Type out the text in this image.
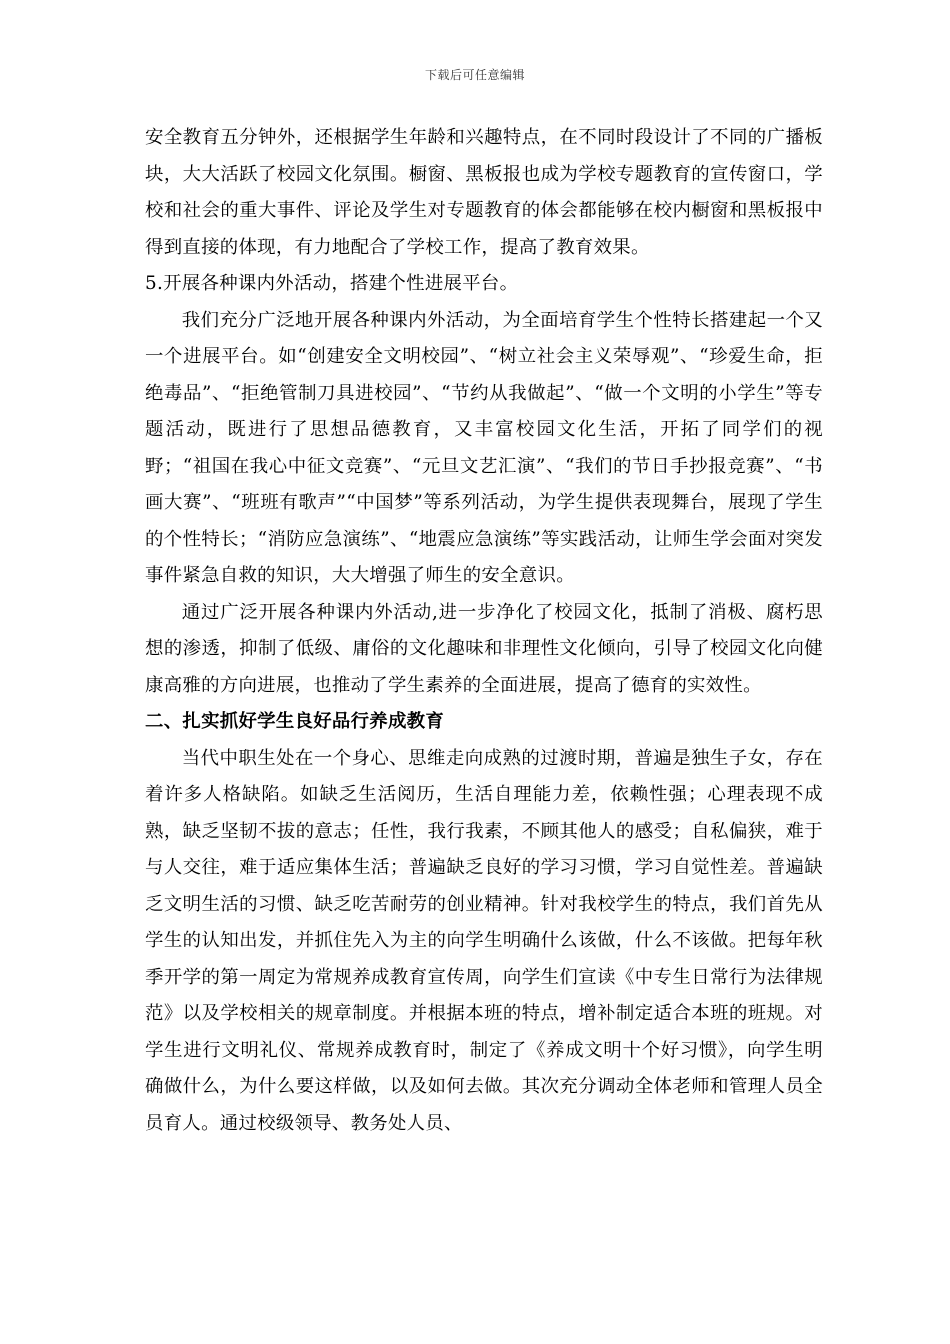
下载后可任意编辑

安全教育五分钟外，还根据学生年龄和兴趣特点，在不同时段设计了不同的广播板块，大大活跃了校园文化氛围。橱窗、黑板报也成为学校专题教育的宣传窗口，学校和社会的重大事件、评论及学生对专题教育的体会都能够在校内橱窗和黑板报中得到直接的体现，有力地配合了学校工作，提高了教育效果。

5.开展各种课内外活动，搭建个性进展平台。

我们充分广泛地开展各种课内外活动，为全面培育学生个性特长搭建起一个又一个进展平台。如“创建安全文明校园”、“树立社会主义荣辱观”、“珍爱生命，拒绝毒品”、“拒绝管制刀具进校园”、“节约从我做起”、“做一个文明的小学生”等专题活动，既进行了思想品德教育，又丰富校园文化生活，开拓了同学们的视野；“祖国在我心中征文竞赛”、“元旦文艺汇演”、“我们的节日手抄报竞赛”、“书画大赛”、“班班有歌声”“中国梦”等系列活动，为学生提供表现舞台，展现了学生的个性特长；“消防应急演练”、“地震应急演练”等实践活动，让师生学会面对突发事件紧急自救的知识，大大增强了师生的安全意识。

通过广泛开展各种课内外活动,进一步净化了校园文化，抵制了消极、腐朽思想的渗透，抑制了低级、庸俗的文化趣味和非理性文化倾向，引导了校园文化向健康高雅的方向进展，也推动了学生素养的全面进展，提高了德育的实效性。

二、扎实抓好学生良好品行养成教育

当代中职生处在一个身心、思维走向成熟的过渡时期，普遍是独生子女，存在着许多人格缺陷。如缺乏生活阅历，生活自理能力差，依赖性强；心理表现不成熟，缺乏坚韧不拔的意志；任性，我行我素，不顾其他人的感受；自私偏狭，难于与人交往，难于适应集体生活；普遍缺乏良好的学习习惯，学习自觉性差。普遍缺乏文明生活的习惯、缺乏吃苦耐劳的创业精神。针对我校学生的特点，我们首先从学生的认知出发，并抓住先入为主的向学生明确什么该做，什么不该做。把每年秋季开学的第一周定为常规养成教育宣传周，向学生们宣读《中专生日常行为法律规范》以及学校相关的规章制度。并根据本班的特点，增补制定适合本班的班规。对学生进行文明礼仪、常规养成教育时，制定了《养成文明十个好习惯》，向学生明确做什么，为什么要这样做，以及如何去做。其次充分调动全体老师和管理人员全员育人。通过校级领导、教务处人员、
